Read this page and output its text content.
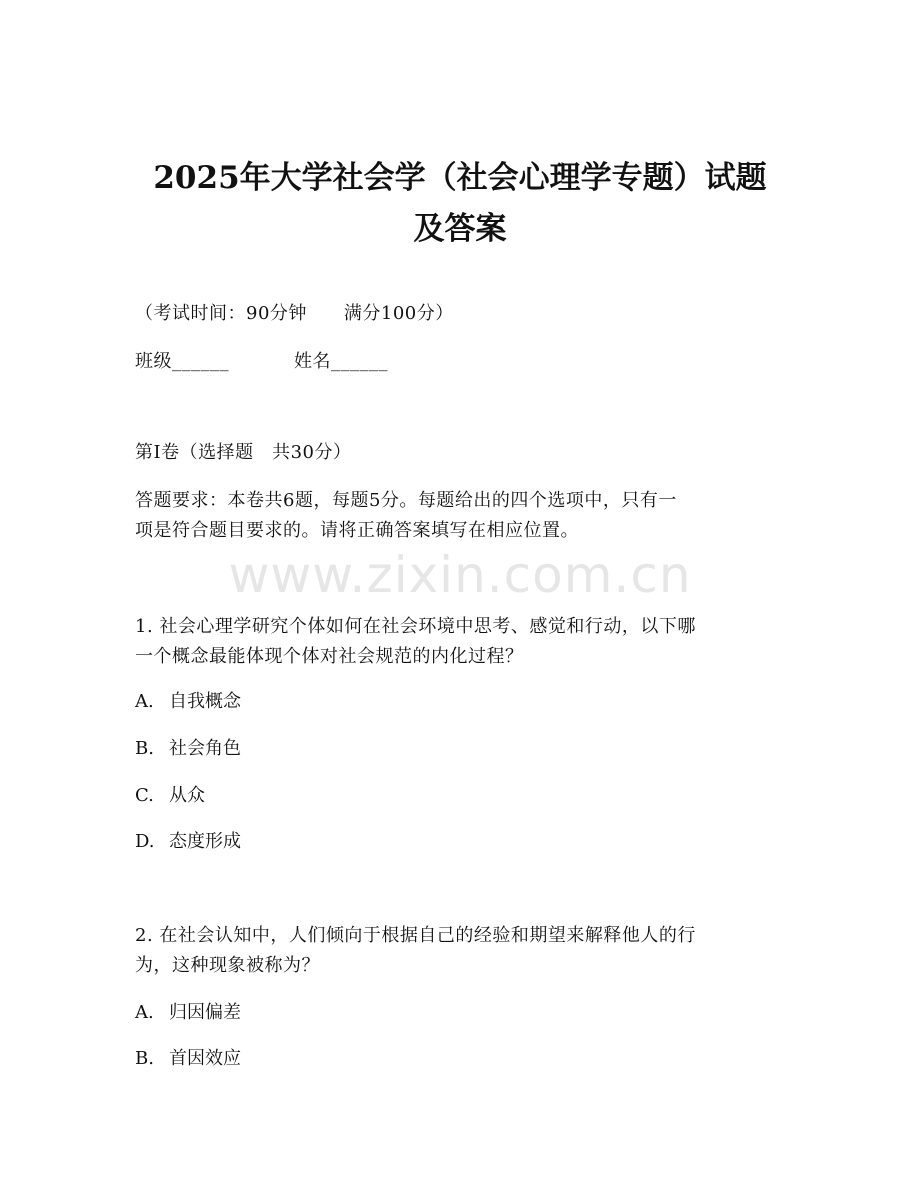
www.zixin.com.cn
2025年大学社会学（社会心理学专题）试题
及答案
（考试时间：90分钟　　满分100分）
班级______	姓名______
第I卷（选择题　共30分）
答题要求：本卷共6题，每题5分。每题给出的四个选项中，只有一
项是符合题目要求的。请将正确答案填写在相应位置。
1. 社会心理学研究个体如何在社会环境中思考、感觉和行动，以下哪
一个概念最能体现个体对社会规范的内化过程？
A. 自我概念
B. 社会角色
C. 从众
D. 态度形成
2. 在社会认知中，人们倾向于根据自己的经验和期望来解释他人的行
为，这种现象被称为？
A. 归因偏差
B. 首因效应
